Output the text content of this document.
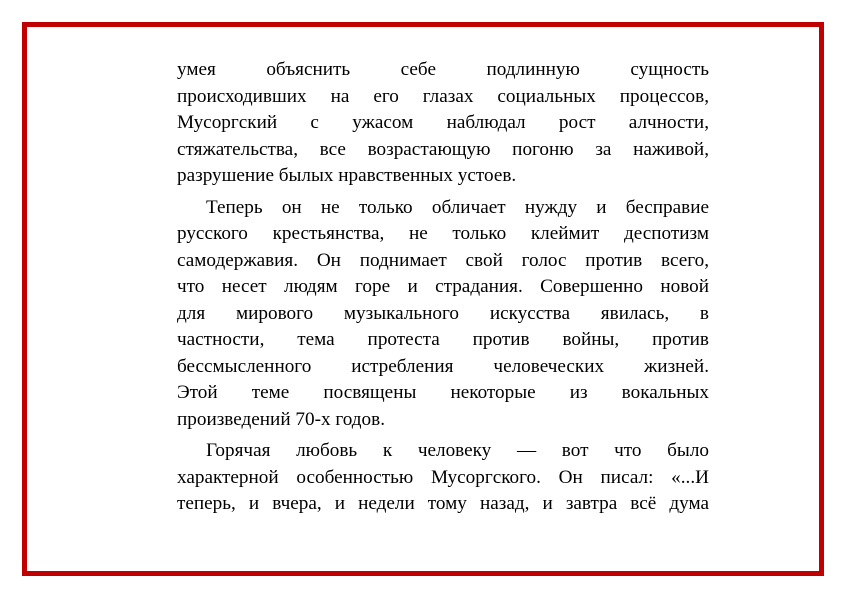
умея объяснить себе подлинную сущность
происходивших на его глазах социальных процессов,
Мусоргский с ужасом наблюдал рост алчности,
стяжательства, все возрастающую погоню за наживой,
разрушение былых нравственных устоев.
Теперь он не только обличает нужду и бесправие
русского крестьянства, не только клеймит деспотизм
самодержавия. Он поднимает свой голос против всего,
что несет людям горе и страдания. Совершенно новой
для мирового музыкального искусства явилась, в
частности, тема протеста против войны, против
бессмысленного истребления человеческих жизней.
Этой теме посвящены некоторые из вокальных
произведений 70-х годов.
Горячая любовь к человеку — вот что было
характерной особенностью Мусоргского. Он писал: «...И
теперь, и вчера, и недели тому назад, и завтра всё дума
